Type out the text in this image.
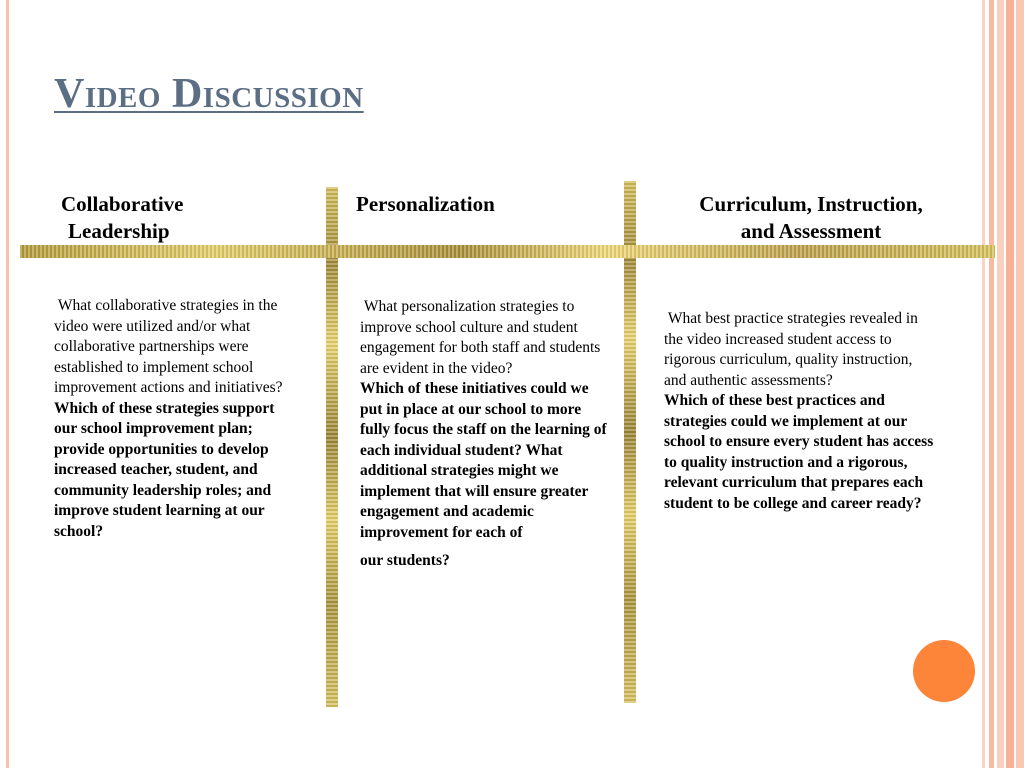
Video Discussion
Collaborative
Leadership
Personalization	Curriculum, Instruction,
and Assessment

What collaborative strategies in the video were utilized and/or what collaborative partnerships were established to implement school improvement actions and initiatives?

Which of these strategies support our school improvement plan; provide opportunities to develop increased teacher, student, and community leadership roles; and improve student learning at our school?

What personalization strategies to improve school culture and student engagement for both staff and students are evident in the video?

Which of these initiatives could we put in place at our school to more fully focus the staff on the learning of each individual student? What additional strategies might we implement that will ensure greater engagement and academic improvement for each of

our students?

What best practice strategies revealed in the video increased student access to rigorous curriculum, quality instruction, and authentic assessments?

Which of these best practices and strategies could we implement at our school to ensure every student has access to quality instruction and a rigorous, relevant curriculum that prepares each student to be college and career ready?
